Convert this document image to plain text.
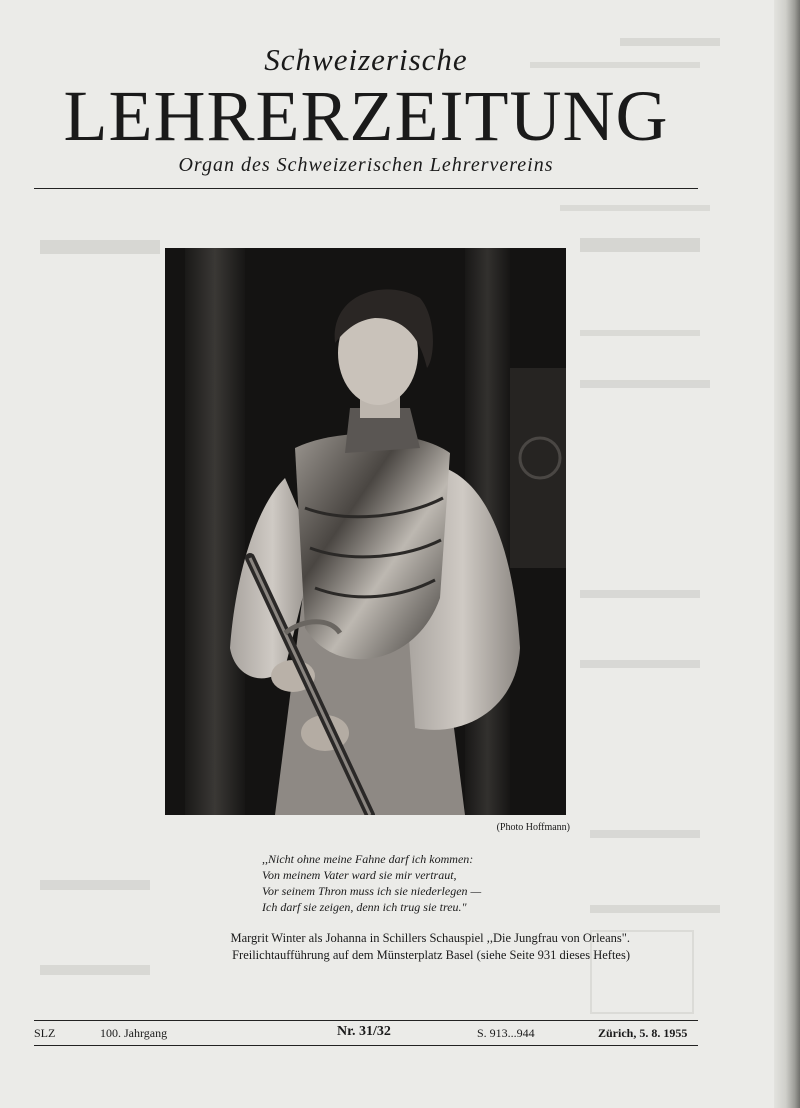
Schweizerische
LEHRERZEITUNG
Organ des Schweizerischen Lehrervereins
(Photo Hoffmann)
,,Nicht ohne meine Fahne darf ich kommen:
Von meinem Vater ward sie mir vertraut,
Vor seinem Thron muss ich sie niederlegen —
Ich darf sie zeigen, denn ich trug sie treu."
Margrit Winter als Johanna in Schillers Schauspiel ,,Die Jungfrau von Orleans".
Freilichtaufführung auf dem Münsterplatz Basel (siehe Seite 931 dieses Heftes)
SLZ	100. Jahrgang	Nr. 31/32	S. 913...944	Zürich, 5. 8. 1955
